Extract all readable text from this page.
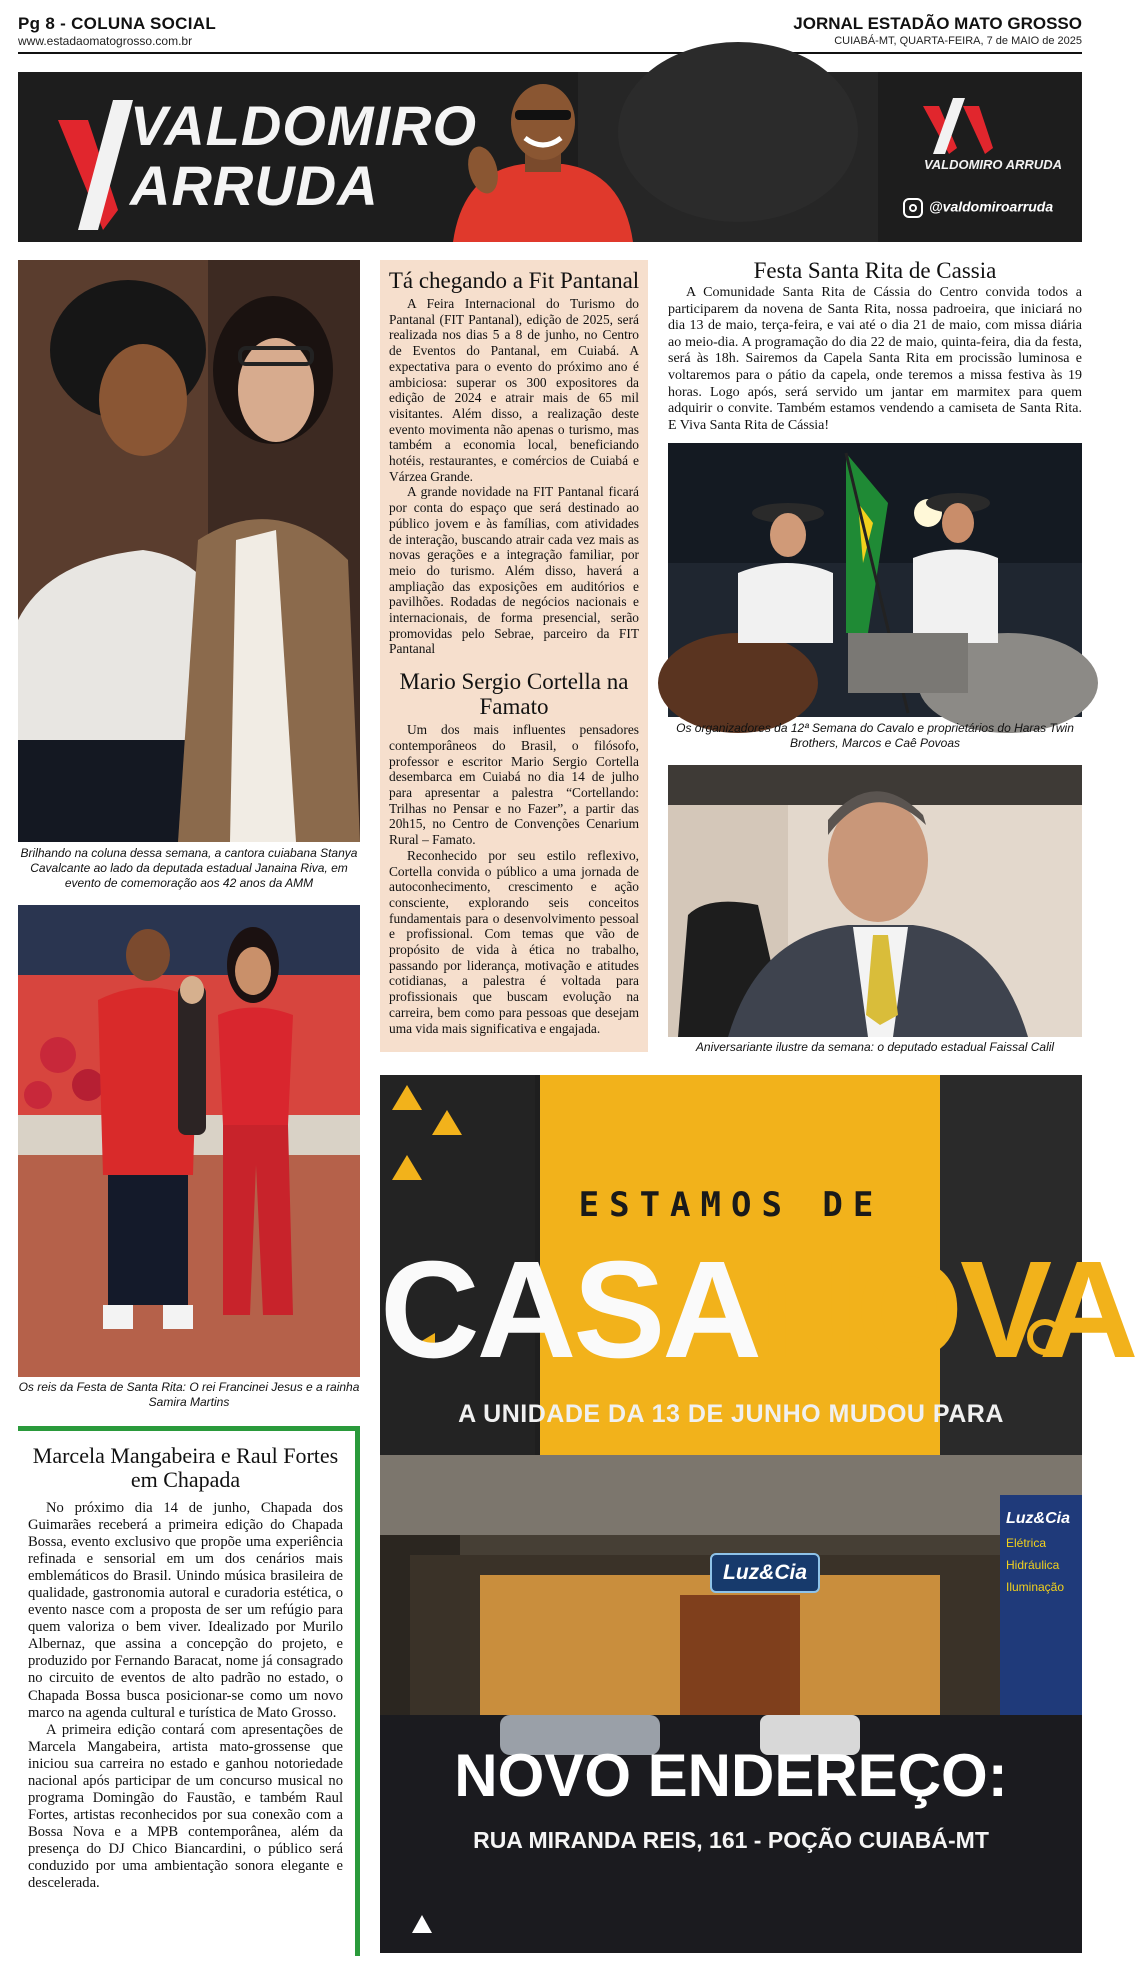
Pg 8 - COLUNA SOCIAL
www.estadaomatogrosso.com.br
JORNAL ESTADÃO MATO GROSSO
CUIABÁ-MT, QUARTA-FEIRA, 7 de MAIO de 2025
VALDOMIRO
ARRUDA	VALDOMIRO ARRUDA
@valdomiroarruda
Brilhando na coluna dessa semana, a cantora cuiabana Stanya Cavalcante ao lado da deputada estadual Janaina Riva, em evento de comemoração aos 42 anos da AMM
Os reis da Festa de Santa Rita: O rei Francinei Jesus e a rainha Samira Martins
Marcela Mangabeira e Raul Fortes em Chapada

No próximo dia 14 de junho, Chapada dos Guimarães receberá a primeira edição do Chapada Bossa, evento exclusivo que propõe uma experiência refinada e sensorial em um dos cenários mais emblemáticos do Brasil. Unindo música brasileira de qualidade, gastronomia autoral e curadoria estética, o evento nasce com a proposta de ser um refúgio para quem valoriza o bem viver. Idealizado por Murilo Albernaz, que assina a concepção do projeto, e produzido por Fernando Baracat, nome já consagrado no circuito de eventos de alto padrão no estado, o Chapada Bossa busca posicionar-se como um novo marco na agenda cultural e turística de Mato Grosso.

A primeira edição contará com apresentações de Marcela Mangabeira, artista mato-grossense que iniciou sua carreira no estado e ganhou notoriedade nacional após participar de um concurso musical no programa Domingão do Faustão, e também Raul Fortes, artistas reconhecidos por sua conexão com a Bossa Nova e a MPB contemporânea, além da presença do DJ Chico Biancardini, o público será conduzido por uma ambientação sonora elegante e descelerada.

Tá chegando a Fit Pantanal

A Feira Internacional do Turismo do Pantanal (FIT Pantanal), edição de 2025, será realizada nos dias 5 a 8 de junho, no Centro de Eventos do Pantanal, em Cuiabá. A expectativa para o evento do próximo ano é ambiciosa: superar os 300 expositores da edição de 2024 e atrair mais de 65 mil visitantes. Além disso, a realização deste evento movimenta não apenas o turismo, mas também a economia local, beneficiando hotéis, restaurantes, e comércios de Cuiabá e Várzea Grande.

A grande novidade na FIT Pantanal ficará por conta do espaço que será destinado ao público jovem e às famílias, com atividades de interação, buscando atrair cada vez mais as novas gerações e a integração familiar, por meio do turismo. Além disso, haverá a ampliação das exposições em auditórios e pavilhões. Rodadas de negócios nacionais e internacionais, de forma presencial, serão promovidas pelo Sebrae, parceiro da FIT Pantanal

Mario Sergio Cortella na Famato

Um dos mais influentes pensadores contemporâneos do Brasil, o filósofo, professor e escritor Mario Sergio Cortella desembarca em Cuiabá no dia 14 de julho para apresentar a palestra “Cortellando: Trilhas no Pensar e no Fazer”, a partir das 20h15, no Centro de Convenções Cenarium Rural – Famato.

Reconhecido por seu estilo reflexivo, Cortella convida o público a uma jornada de autoconhecimento, crescimento e ação consciente, explorando seis conceitos fundamentais para o desenvolvimento pessoal e profissional. Com temas que vão de propósito de vida à ética no trabalho, passando por liderança, motivação e atitudes cotidianas, a palestra é voltada para profissionais que buscam evolução na carreira, bem como para pessoas que desejam uma vida mais significativa e engajada.

Festa Santa Rita de Cassia

A Comunidade Santa Rita de Cássia do Centro convida todos a participarem da novena de Santa Rita, nossa padroeira, que iniciará no dia 13 de maio, terça-feira, e vai até o dia 21 de maio, com missa diária ao meio-dia. A programação do dia 22 de maio, quinta-feira, dia da festa, será às 18h. Sairemos da Capela Santa Rita em procissão luminosa e voltaremos para o pátio da capela, onde teremos a missa festiva às 19 horas. Logo após, será servido um jantar em marmitex para quem adquirir o convite. Também estamos vendendo a camiseta de Santa Rita. E Viva Santa Rita de Cássia!

Os organizadores da 12ª Semana do Cavalo e proprietários do Haras Twin Brothers, Marcos e Caê Povoas
Aniversariante ilustre da semana: o deputado estadual Faissal Calil
ESTAMOS DE
CASANOVA
A UNIDADE DA 13 DE JUNHO MUDOU PARA
Luz&Cia
Luz&Cia
Elétrica
Hidráulica
Iluminação
NOVO ENDEREÇO:
RUA MIRANDA REIS, 161 - POÇÃO CUIABÁ-MT
